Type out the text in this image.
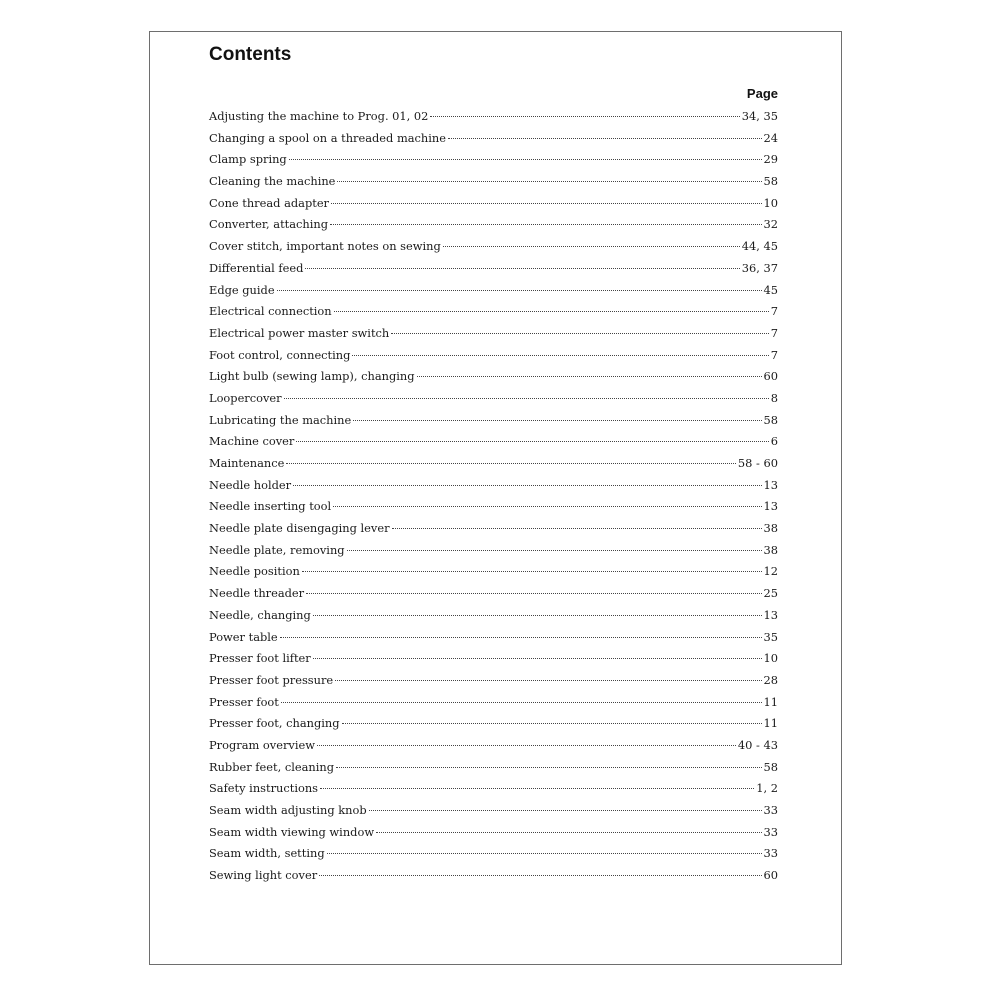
Contents
Page
Adjusting the machine to Prog. 01, 02	34, 35
Changing a spool on a threaded machine	24
Clamp spring	29
Cleaning the machine	58
Cone thread adapter	10
Converter, attaching	32
Cover stitch, important notes on sewing	44, 45
Differential feed	36, 37
Edge guide	45
Electrical connection	7
Electrical power master switch	7
Foot control, connecting	7
Light bulb (sewing lamp), changing	60
Loopercover	8
Lubricating the machine	58
Machine cover	6
Maintenance	58 - 60
Needle holder	13
Needle inserting tool	13
Needle plate disengaging lever	38
Needle plate, removing	38
Needle position	12
Needle threader	25
Needle, changing	13
Power table	35
Presser foot lifter	10
Presser foot pressure	28
Presser foot	11
Presser foot, changing	11
Program overview	40 - 43
Rubber feet, cleaning	58
Safety instructions	1, 2
Seam width adjusting knob	33
Seam width viewing window	33
Seam width, setting	33
Sewing light cover	60
